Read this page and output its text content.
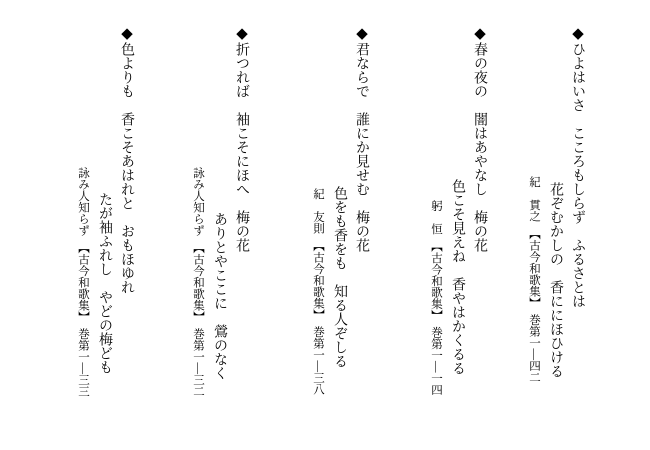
◆ひよはいさ　こころもしらず　ふるさとは
花ぞむかしの　香ににほひける
紀　貫之　【古今和歌集】　巻第一―四二
◆春の夜の　闇はあやなし　梅の花
色こそ見えね　香やはかくるる
躬　恒　【古今和歌集】　巻第一―一四
◆君ならで　誰にか見せむ　梅の花
色をも香をも　知る人ぞしる
紀　友則　【古今和歌集】　巻第一―三八
◆折つれば　袖こそにほへ　梅の花
ありとやここに　鶯のなく
詠み人知らず　【古今和歌集】　巻第一―三二
◆色よりも　香こそあはれと　おもほゆれ
たが袖ふれし　やどの梅ども
詠み人知らず　【古今和歌集】　巻第一―三三
